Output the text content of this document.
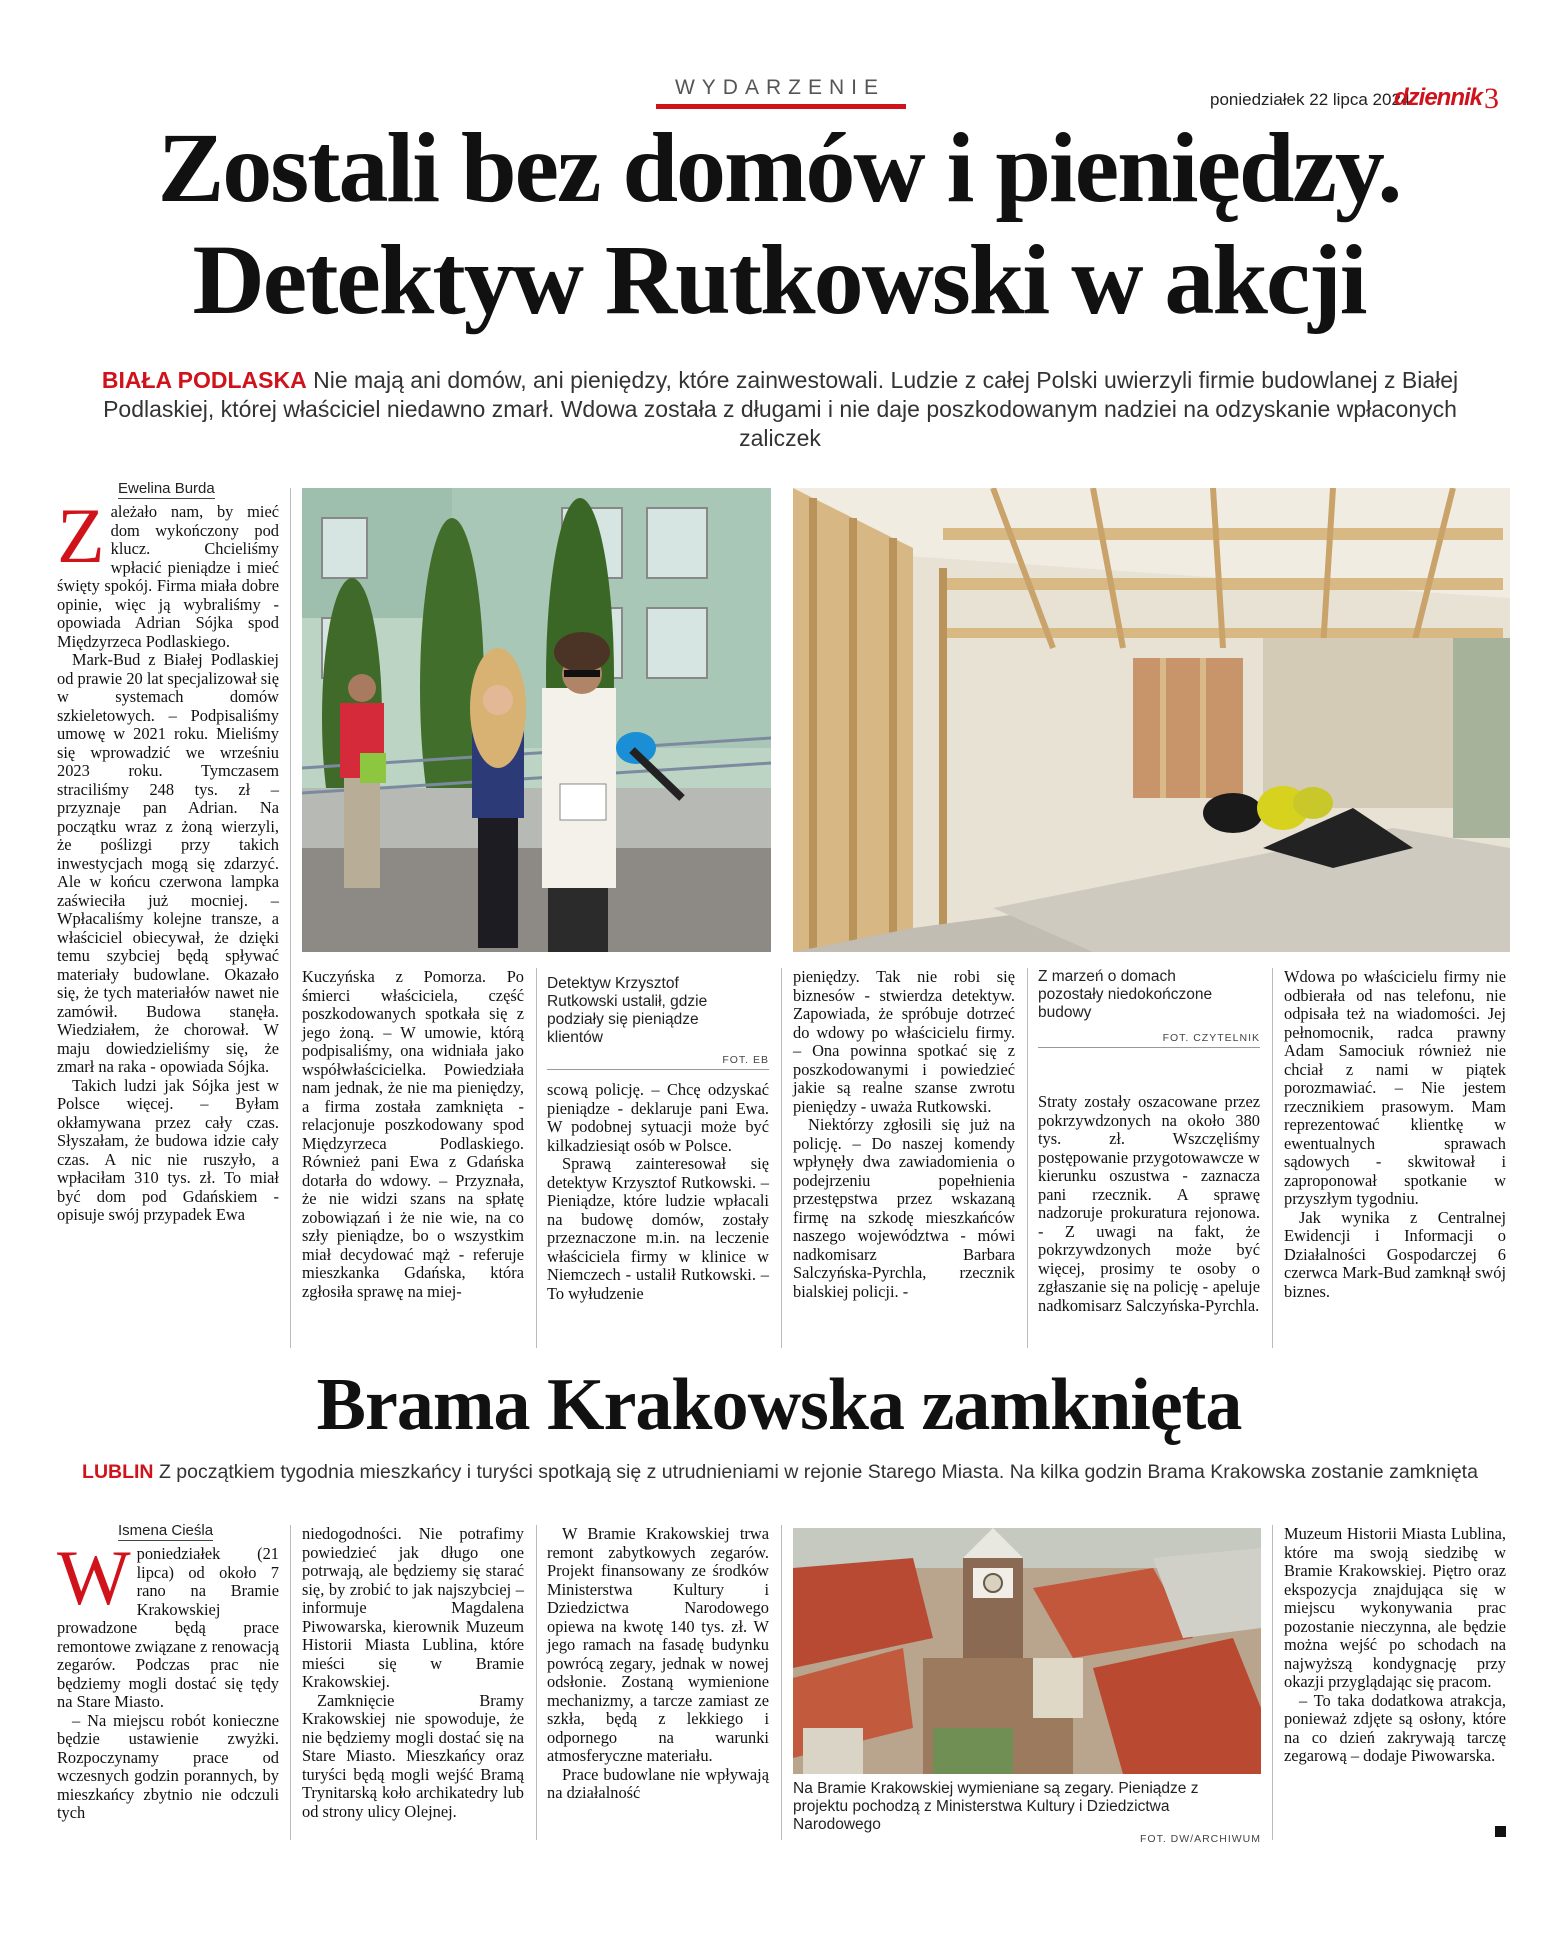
WYDARZENIE
poniedziałek 22 lipca 2024
dziennik 3
Zostali bez domów i pieniędzy.
Detektyw Rutkowski w akcji
BIAŁA PODLASKA Nie mają ani domów, ani pieniędzy, które zainwestowali. Ludzie z całej Polski uwierzyli firmie budowlanej z Białej Podlaskiej, której właściciel niedawno zmarł. Wdowa została z długami i nie daje poszkodowanym nadziei na odzyskanie wpłaconych zaliczek
Ewelina Burda

Zależało nam, by mieć dom wykończony pod klucz. Chcieliśmy wpłacić pieniądze i mieć święty spokój. Firma miała dobre opinie, więc ją wybraliśmy - opowiada Adrian Sójka spod Międzyrzeca Podlaskiego.

Mark-Bud z Białej Podlaskiej od prawie 20 lat specjalizował się w systemach domów szkieletowych. – Podpisaliśmy umowę w 2021 roku. Mieliśmy się wprowadzić we wrześniu 2023 roku. Tymczasem straciliśmy 248 tys. zł – przyznaje pan Adrian. Na początku wraz z żoną wierzyli, że poślizgi przy takich inwestycjach mogą się zdarzyć. Ale w końcu czerwona lampka zaświeciła już mocniej. – Wpłacaliśmy kolejne transze, a właściciel obiecywał, że dzięki temu szybciej będą spływać materiały budowlane. Okazało się, że tych materiałów nawet nie zamówił. Budowa stanęła. Wiedziałem, że chorował. W maju dowiedzieliśmy się, że zmarł na raka - opowiada Sójka.

Takich ludzi jak Sójka jest w Polsce więcej. – Byłam okłamywana przez cały czas. Słyszałam, że budowa idzie cały czas. A nic nie ruszyło, a wpłaciłam 310 tys. zł. To miał być dom pod Gdańskiem - opisuje swój przypadek Ewa

Kuczyńska z Pomorza. Po śmierci właściciela, część poszkodowanych spotkała się z jego żoną. – W umowie, którą podpisaliśmy, ona widniała jako współwłaścicielka. Powiedziała nam jednak, że nie ma pieniędzy, a firma została zamknięta - relacjonuje poszkodowany spod Międzyrzeca Podlaskiego. Również pani Ewa z Gdańska dotarła do wdowy. – Przyznała, że nie widzi szans na spłatę zobowiązań i że nie wie, na co szły pieniądze, bo o wszystkim miał decydować mąż - referuje mieszkanka Gdańska, która zgłosiła sprawę na miej-

Detektyw Krzysztof Rutkowski ustalił, gdzie podziały się pieniądze klientów
FOT. EB

scową policję. – Chcę odzyskać pieniądze - deklaruje pani Ewa. W podobnej sytuacji może być kilkadziesiąt osób w Polsce.

Sprawą zainteresował się detektyw Krzysztof Rutkowski. – Pieniądze, które ludzie wpłacali na budowę domów, zostały przeznaczone m.in. na leczenie właściciela firmy w klinice w Niemczech - ustalił Rutkowski. – To wyłudzenie

pieniędzy. Tak nie robi się biznesów - stwierdza detektyw. Zapowiada, że spróbuje dotrzeć do wdowy po właścicielu firmy. – Ona powinna spotkać się z poszkodowanymi i powiedzieć jakie są realne szanse zwrotu pieniędzy - uważa Rutkowski.

Niektórzy zgłosili się już na policję. – Do naszej komendy wpłynęły dwa zawiadomienia o podejrzeniu popełnienia przestępstwa przez wskazaną firmę na szkodę mieszkańców naszego województwa - mówi nadkomisarz Barbara Salczyńska-Pyrchla, rzecznik bialskiej policji. -

Z marzeń o domach pozostały niedokończone budowy
FOT. CZYTELNIK

Straty zostały oszacowane przez pokrzywdzonych na około 380 tys. zł. Wszczęliśmy postępowanie przygotowawcze w kierunku oszustwa - zaznacza pani rzecznik. A sprawę nadzoruje prokuratura rejonowa. - Z uwagi na fakt, że pokrzywdzonych może być więcej, prosimy te osoby o zgłaszanie się na policję - apeluje nadkomisarz Salczyńska-Pyrchla.

Wdowa po właścicielu firmy nie odbierała od nas telefonu, nie odpisała też na wiadomości. Jej pełnomocnik, radca prawny Adam Samociuk również nie chciał z nami w piątek porozmawiać. – Nie jestem rzecznikiem prasowym. Mam reprezentować klientkę w ewentualnych sprawach sądowych - skwitował i zaproponował spotkanie w przyszłym tygodniu.

Jak wynika z Centralnej Ewidencji i Informacji o Działalności Gospodarczej 6 czerwca Mark-Bud zamknął swój biznes.

Brama Krakowska zamknięta
LUBLIN Z początkiem tygodnia mieszkańcy i turyści spotkają się z utrudnieniami w rejonie Starego Miasta. Na kilka godzin Brama Krakowska zostanie zamknięta
Ismena Cieśla

Wponiedziałek (21 lipca) od około 7 rano na Bramie Krakowskiej prowadzone będą prace remontowe związane z renowacją zegarów. Podczas prac nie będziemy mogli dostać się tędy na Stare Miasto.

– Na miejscu robót konieczne będzie ustawienie zwyżki. Rozpoczynamy prace od wczesnych godzin porannych, by mieszkańcy zbytnio nie odczuli tych

niedogodności. Nie potrafimy powiedzieć jak długo one potrwają, ale będziemy się starać się, by zrobić to jak najszybciej – informuje Magdalena Piwowarska, kierownik Muzeum Historii Miasta Lublina, które mieści się w Bramie Krakowskiej.

Zamknięcie Bramy Krakowskiej nie spowoduje, że nie będziemy mogli dostać się na Stare Miasto. Mieszkańcy oraz turyści będą mogli wejść Bramą Trynitarską koło archikatedry lub od strony ulicy Olejnej.

W Bramie Krakowskiej trwa remont zabytkowych zegarów. Projekt finansowany ze środków Ministerstwa Kultury i Dziedzictwa Narodowego opiewa na kwotę 140 tys. zł. W jego ramach na fasadę budynku powrócą zegary, jednak w nowej odsłonie. Zostaną wymienione mechanizmy, a tarcze zamiast ze szkła, będą z lekkiego i odpornego na warunki atmosferyczne materiału.

Prace budowlane nie wpływają na działalność	Na Bramie Krakowskiej wymieniane są zegary. Pieniądze z projektu pochodzą z Ministerstwa Kultury i Dziedzictwa Narodowego
FOT. DW/ARCHIWUM

Muzeum Historii Miasta Lublina, które ma swoją siedzibę w Bramie Krakowskiej. Piętro oraz ekspozycja znajdująca się w miejscu wykonywania prac pozostanie nieczynna, ale będzie można wejść po schodach na najwyższą kondygnację przy okazji przyglądając się pracom.

– To taka dodatkowa atrakcja, ponieważ zdjęte są osłony, które na co dzień zakrywają tarczę zegarową – dodaje Piwowarska.
